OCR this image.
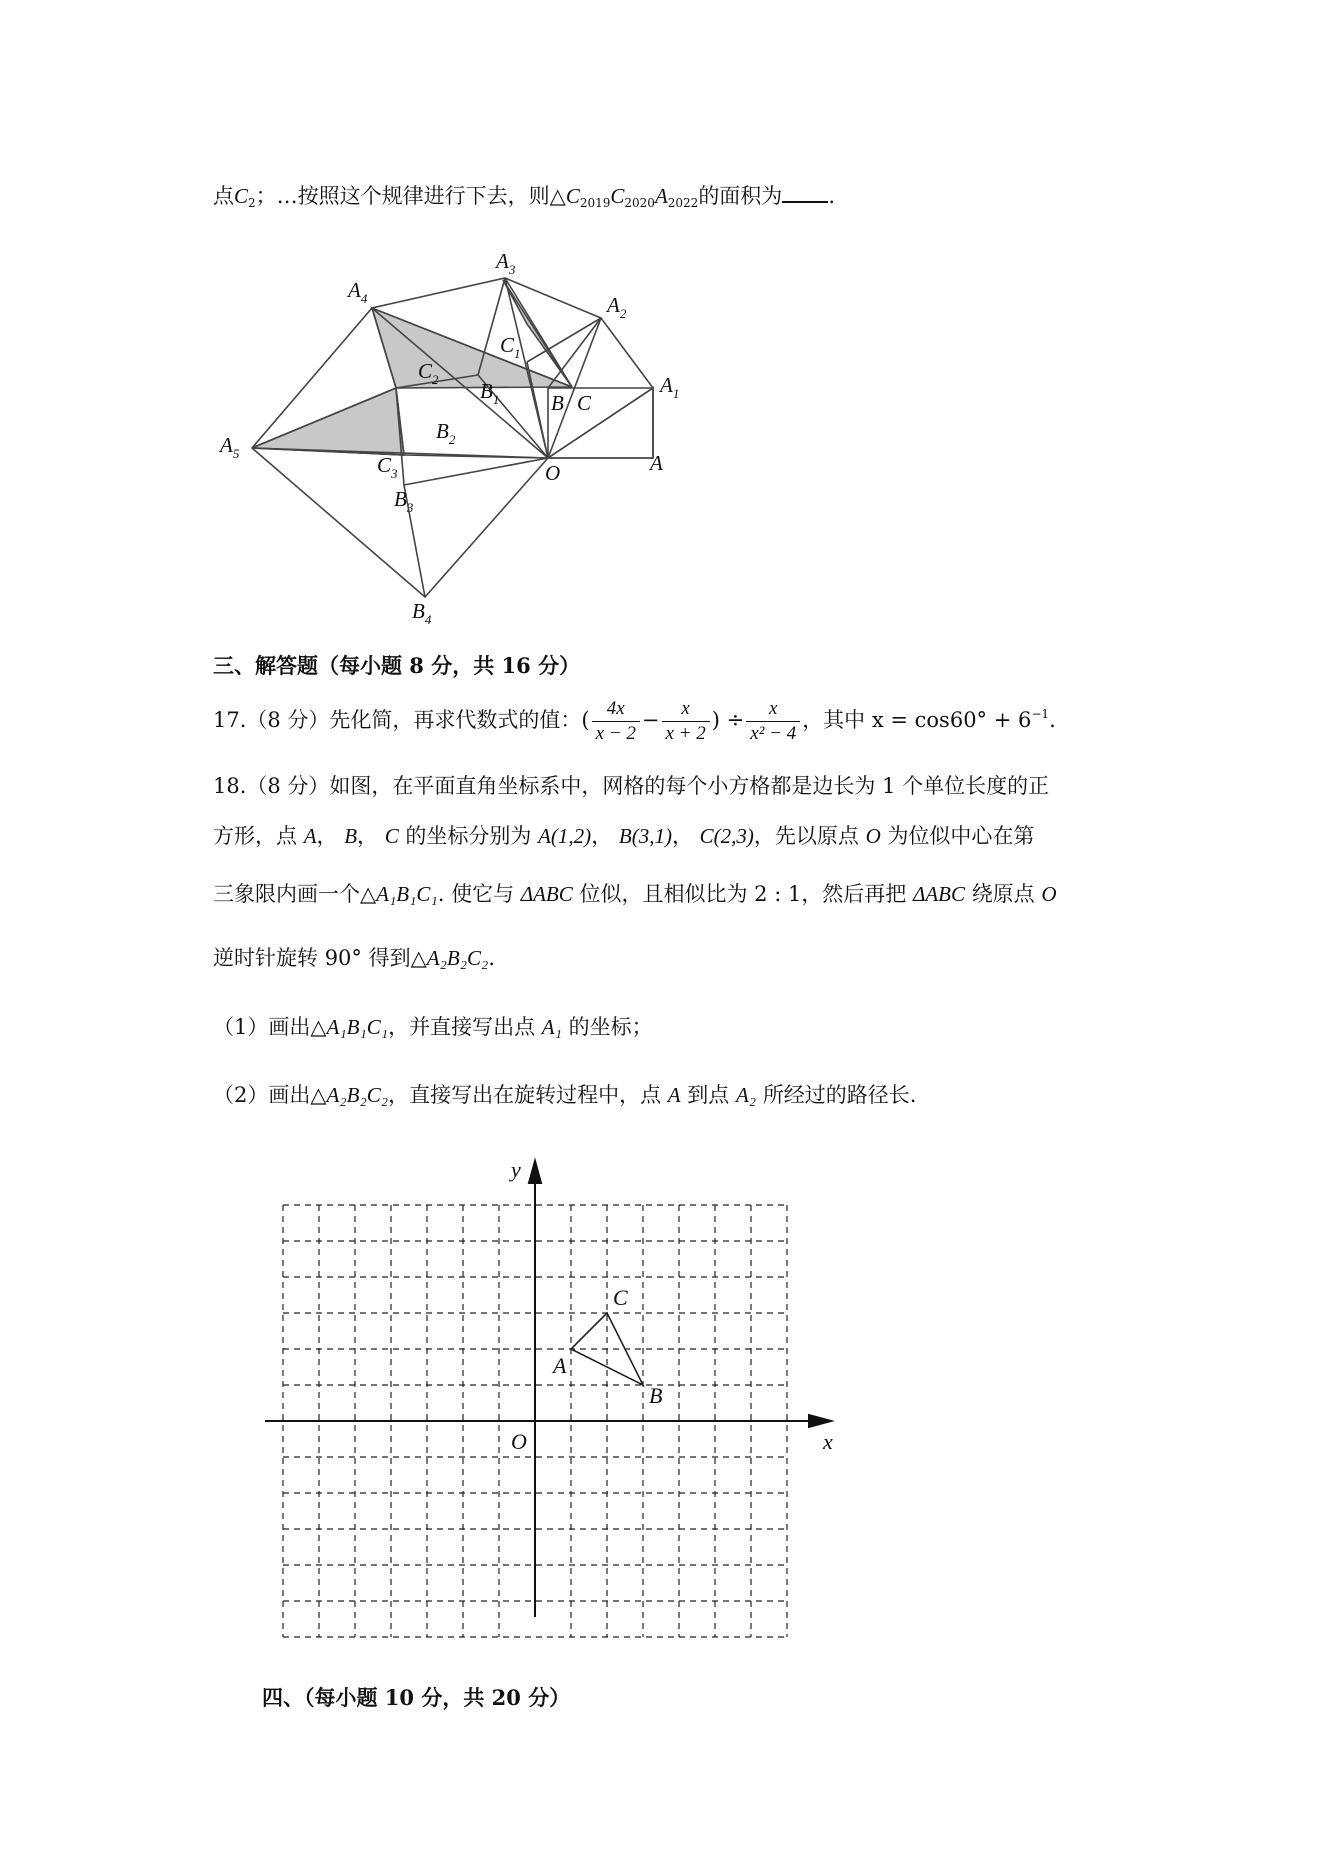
点$C_2$；…按照这个规律进行下去，则$\triangle C_{2019}C_{2020}A_{2022}$的面积为 .
$A_3$
$A_4$	$A_2$
$A_1$
A
$A_5$
$C_1$
$C_2$ $B_1$ B C
$B_2$
$C_3$	O
$B_3$
$B_4$
三、解答题（每小题 8 分，共 16 分）
17.（8 分）先化简，再求代数式的值：( $\frac{4x}{x - 2} - \frac{x}{x + 2}$ ) ÷ $\frac{x}{\text{x² − 4}}$ ，其中 $x = \cos 60^\circ + 6^{-1}$.
18.（8 分）如图，在平面直角坐标系中，网格的每个小方格都是边长为 1 个单位长度的正
方形，点 A， B， C 的坐标分别为 A(1,2)， B(3,1)， C(2,3)，先以原点 O 为位似中心在第
三象限内画一个△A₁B₁C₁. 使它与 ΔABC 位似，且相似比为 2 : 1，然后再把 ΔABC 绕原点 O
逆时针旋转 90° 得到△A₂B₂C₂.
（1）画出△A₁B₁C₁，并直接写出点 A₁ 的坐标；
（2）画出△A₂B₂C₂，直接写出在旋转过程中，点 A 到点 A₂ 所经过的路径长.
A
B
C
x
y
O
四、（每小题 10 分，共 20 分）
